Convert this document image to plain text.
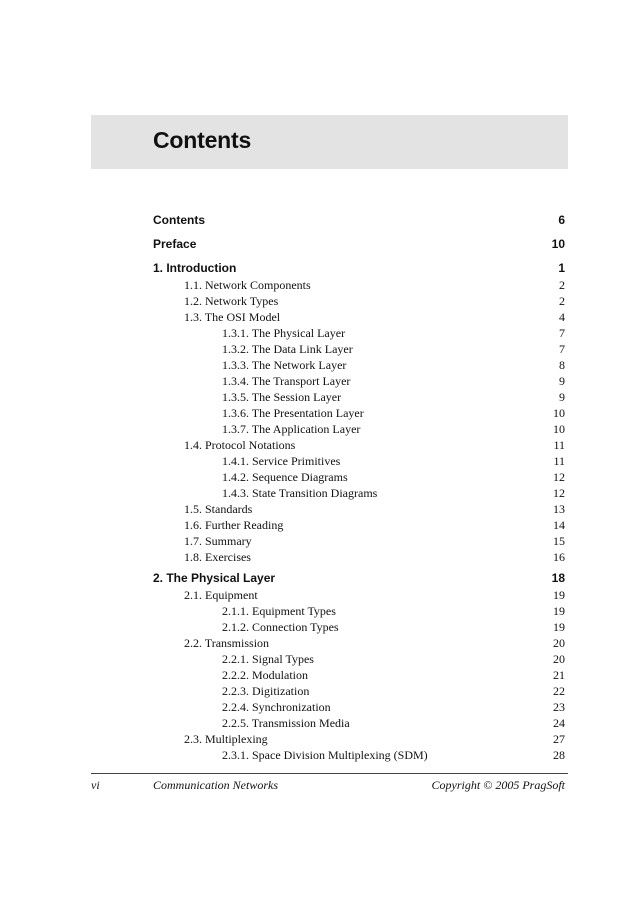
Contents
Contents	6
Preface	10
1. Introduction	1
1.1. Network Components	2
1.2. Network Types	2
1.3. The OSI Model	4
1.3.1. The Physical Layer	7
1.3.2. The Data Link Layer	7
1.3.3. The Network Layer	8
1.3.4. The Transport Layer	9
1.3.5. The Session Layer	9
1.3.6. The Presentation Layer	10
1.3.7. The Application Layer	10
1.4. Protocol Notations	11
1.4.1. Service Primitives	11
1.4.2. Sequence Diagrams	12
1.4.3. State Transition Diagrams	12
1.5. Standards	13
1.6. Further Reading	14
1.7. Summary	15
1.8. Exercises	16
2. The Physical Layer	18
2.1. Equipment	19
2.1.1. Equipment Types	19
2.1.2. Connection Types	19
2.2. Transmission	20
2.2.1. Signal Types	20
2.2.2. Modulation	21
2.2.3. Digitization	22
2.2.4. Synchronization	23
2.2.5. Transmission Media	24
2.3. Multiplexing	27
2.3.1. Space Division Multiplexing (SDM)	28
vi	Communication Networks	Copyright © 2005 PragSoft
